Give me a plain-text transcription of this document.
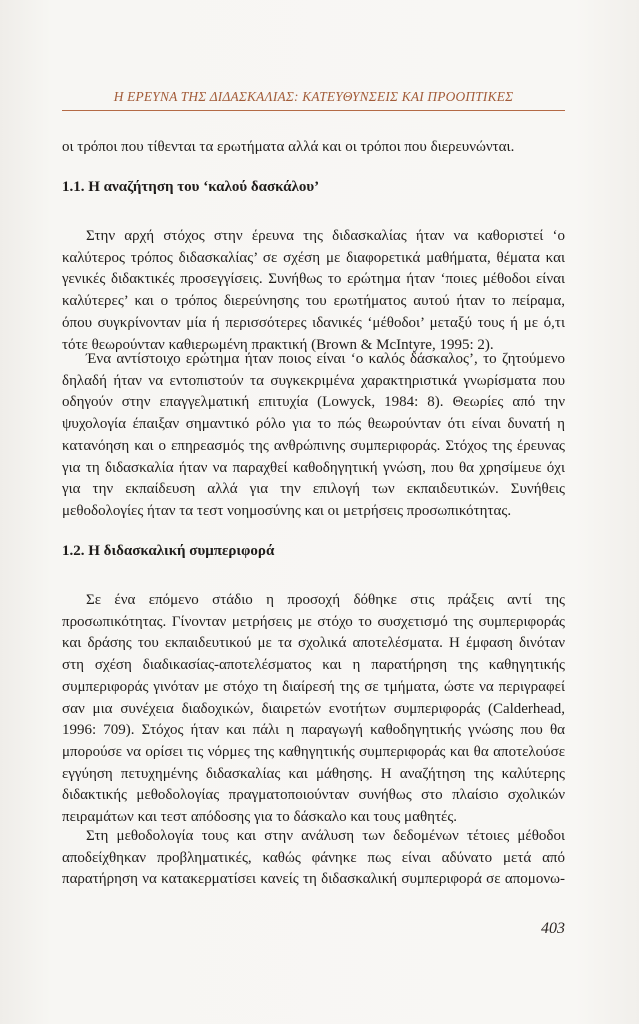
Η ΕΡΕΥΝΑ ΤΗΣ ΔΙΔΑΣΚΑΛΙΑΣ: ΚΑΤΕΥΘΥΝΣΕΙΣ ΚΑΙ ΠΡΟΟΠΤΙΚΕΣ

οι τρόποι που τίθενται τα ερωτήματα αλλά και οι τρόποι που διερευνώνται.

1.1. Η αναζήτηση του ‘καλού δασκάλου’

Στην αρχή στόχος στην έρευνα της διδασκαλίας ήταν να καθοριστεί ‘ο καλύτερος τρόπος διδασκαλίας’ σε σχέση με διαφορετικά μαθήματα, θέματα και γενικές διδακτικές προσεγγίσεις. Συνήθως το ερώτημα ήταν ‘ποιες μέθοδοι είναι καλύτερες’ και ο τρόπος διερεύνησης του ερωτήματος αυτού ήταν το πείραμα, όπου συγκρίνονταν μία ή περισσότερες ιδανικές ‘μέθοδοι’ μεταξύ τους ή με ό,τι τότε θεωρούνταν καθιερωμένη πρακτική (Brown & McIntyre, 1995: 2).

Ένα αντίστοιχο ερώτημα ήταν ποιος είναι ‘ο καλός δάσκαλος’, το ζητούμενο δηλαδή ήταν να εντοπιστούν τα συγκεκριμένα χαρακτηριστικά γνωρίσματα που οδηγούν στην επαγγελματική επιτυχία (Lowyck, 1984: 8). Θεωρίες από την ψυχολογία έπαιξαν σημαντικό ρόλο για το πώς θεωρούνταν ότι είναι δυνατή η κατανόηση και ο επηρεασμός της ανθρώπινης συμπεριφοράς. Στόχος της έρευνας για τη διδασκαλία ήταν να παραχθεί καθοδηγητική γνώση, που θα χρησίμευε όχι για την εκπαίδευση αλλά για την επιλογή των εκπαιδευτικών. Συνήθεις μεθοδολογίες ήταν τα τεστ νοημοσύνης και οι μετρήσεις προσωπικότητας.

1.2. Η διδασκαλική συμπεριφορά

Σε ένα επόμενο στάδιο η προσοχή δόθηκε στις πράξεις αντί της προσωπικότητας. Γίνονταν μετρήσεις με στόχο το συσχετισμό της συμπεριφοράς και δράσης του εκπαιδευτικού με τα σχολικά αποτελέσματα. Η έμφαση δινόταν στη σχέση διαδικασίας-αποτελέσματος και η παρατήρηση της καθηγητικής συμπεριφοράς γινόταν με στόχο τη διαίρεσή της σε τμήματα, ώστε να περιγραφεί σαν μια συνέχεια διαδοχικών, διαιρετών ενοτήτων συμπεριφοράς (Calderhead, 1996: 709). Στόχος ήταν και πάλι η παραγωγή καθοδηγητικής γνώσης που θα μπορούσε να ορίσει τις νόρμες της καθηγητικής συμπεριφοράς και θα αποτελούσε εγγύηση πετυχημένης διδασκαλίας και μάθησης. Η αναζήτηση της καλύτερης διδακτικής μεθοδολογίας πραγματοποιούνταν συνήθως στο πλαίσιο σχολικών πειραμάτων και τεστ απόδοσης για το δάσκαλο και τους μαθητές.

Στη μεθοδολογία τους και στην ανάλυση των δεδομένων τέτοιες μέθοδοι αποδείχθηκαν προβληματικές, καθώς φάνηκε πως είναι αδύνατο μετά από παρατήρηση να κατακερματίσει κανείς τη διδασκαλική συμπεριφορά σε απομονω-

403
